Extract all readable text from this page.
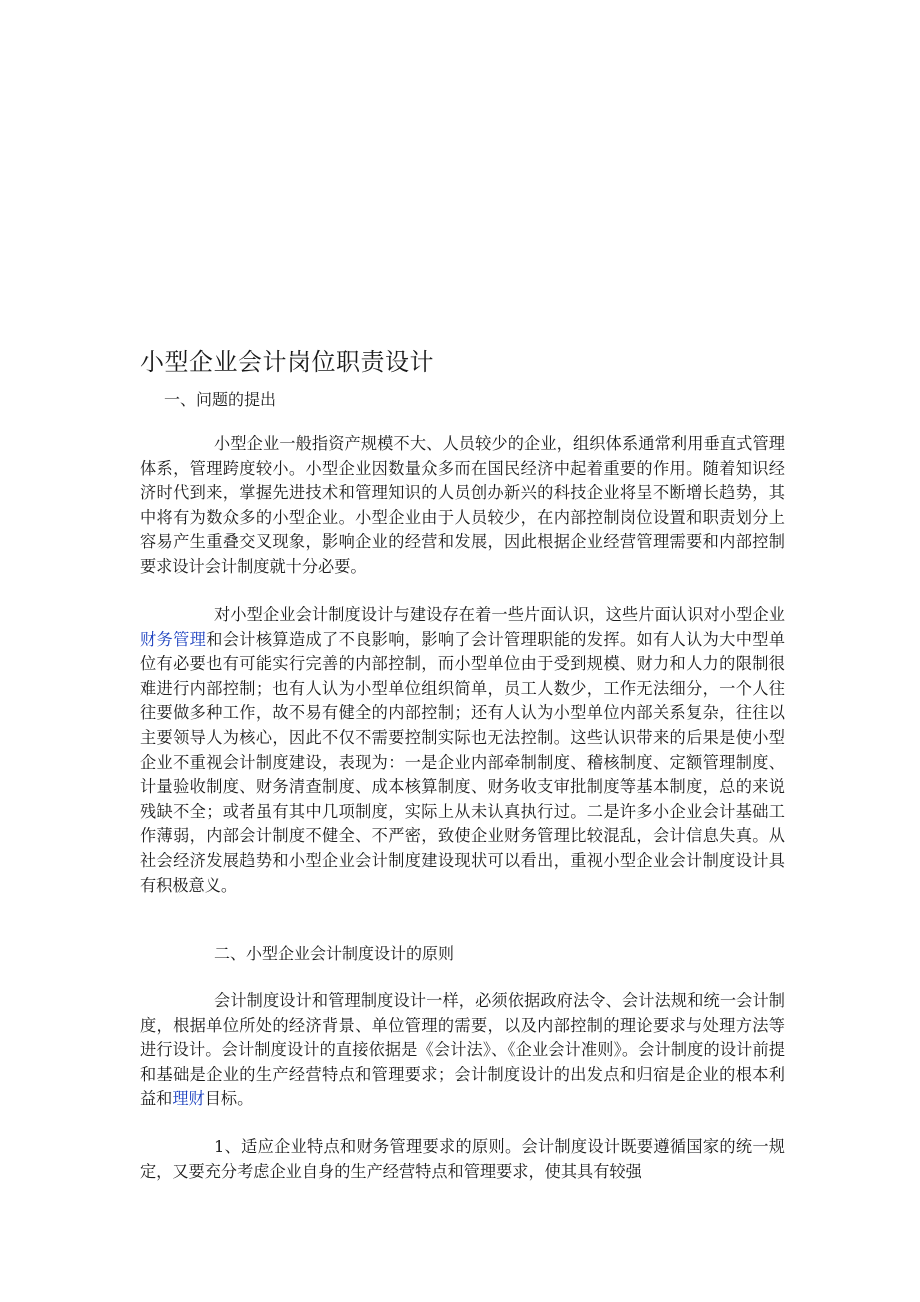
小型企业会计岗位职责设计

一、问题的提出

小型企业一般指资产规模不大、人员较少的企业，组织体系通常利用垂直式管理体系，管理跨度较小。小型企业因数量众多而在国民经济中起着重要的作用。随着知识经济时代到来，掌握先进技术和管理知识的人员创办新兴的科技企业将呈不断增长趋势，其中将有为数众多的小型企业。小型企业由于人员较少，在内部控制岗位设置和职责划分上容易产生重叠交叉现象，影响企业的经营和发展，因此根据企业经营管理需要和内部控制要求设计会计制度就十分必要。

对小型企业会计制度设计与建设存在着一些片面认识，这些片面认识对小型企业财务管理和会计核算造成了不良影响，影响了会计管理职能的发挥。如有人认为大中型单位有必要也有可能实行完善的内部控制，而小型单位由于受到规模、财力和人力的限制很难进行内部控制；也有人认为小型单位组织简单，员工人数少，工作无法细分，一个人往往要做多种工作，故不易有健全的内部控制；还有人认为小型单位内部关系复杂，往往以主要领导人为核心，因此不仅不需要控制实际也无法控制。这些认识带来的后果是使小型企业不重视会计制度建设，表现为：一是企业内部牵制制度、稽核制度、定额管理制度、计量验收制度、财务清查制度、成本核算制度、财务收支审批制度等基本制度，总的来说残缺不全；或者虽有其中几项制度，实际上从未认真执行过。二是许多小企业会计基础工作薄弱，内部会计制度不健全、不严密，致使企业财务管理比较混乱，会计信息失真。从社会经济发展趋势和小型企业会计制度建设现状可以看出，重视小型企业会计制度设计具有积极意义。

二、小型企业会计制度设计的原则

会计制度设计和管理制度设计一样，必须依据政府法令、会计法规和统一会计制度，根据单位所处的经济背景、单位管理的需要，以及内部控制的理论要求与处理方法等进行设计。会计制度设计的直接依据是《会计法》、《企业会计准则》。会计制度的设计前提和基础是企业的生产经营特点和管理要求；会计制度设计的出发点和归宿是企业的根本利益和理财目标。

1、适应企业特点和财务管理要求的原则。会计制度设计既要遵循国家的统一规定，又要充分考虑企业自身的生产经营特点和管理要求，使其具有较强
